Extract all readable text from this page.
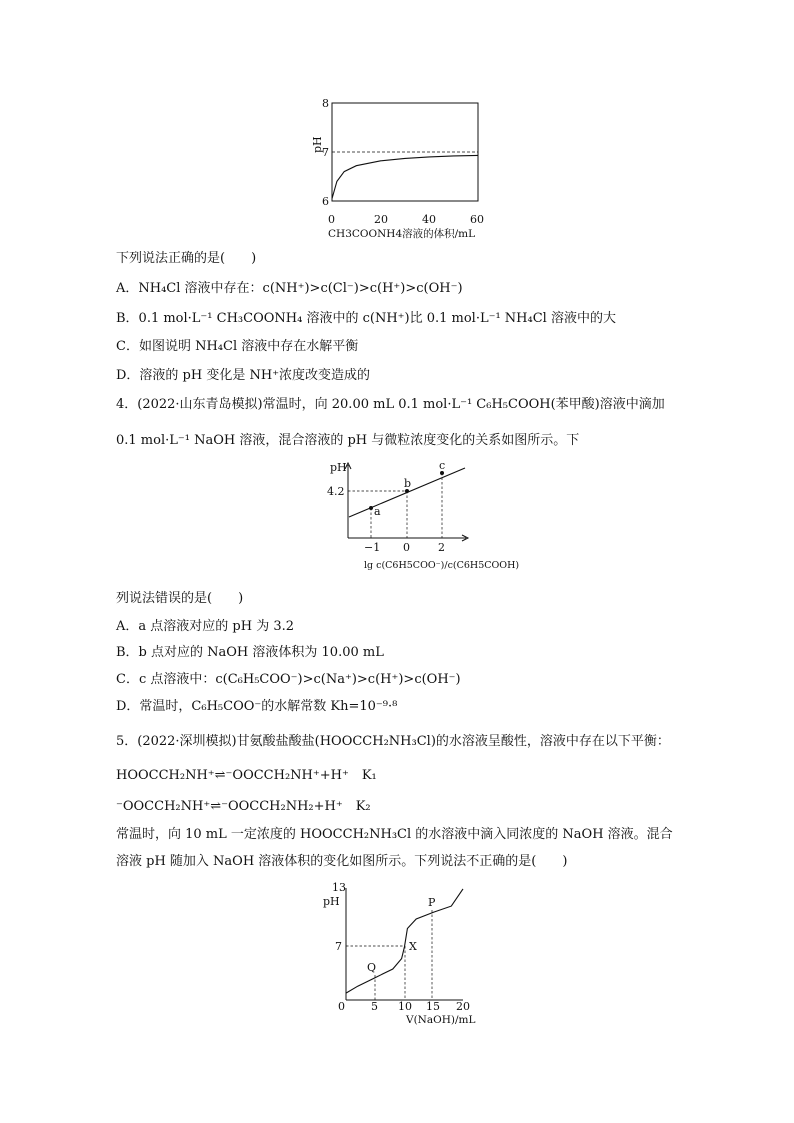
8
7
6
pH
0	20	40	60
CH3COONH4溶液的体积/mL
下列说法正确的是(　　)
A．NH₄Cl 溶液中存在：c(NH⁺)>c(Cl⁻)>c(H⁺)>c(OH⁻)
B．0.1 mol·L⁻¹ CH₃COONH₄ 溶液中的 c(NH⁺)比 0.1 mol·L⁻¹ NH₄Cl 溶液中的大
C．如图说明 NH₄Cl 溶液中存在水解平衡
D．溶液的 pH 变化是 NH⁺浓度改变造成的
4．(2022·山东青岛模拟)常温时，向 20.00 mL 0.1 mol·L⁻¹ C₆H₅COOH(苯甲酸)溶液中滴加
0.1 mol·L⁻¹ NaOH 溶液，混合溶液的 pH 与微粒浓度变化的关系如图所示。下
a
b
c
pH
4.2
−1 0	2
lg c(C6H5COO⁻)/c(C6H5COOH)
列说法错误的是(　　)
A．a 点溶液对应的 pH 为 3.2
B．b 点对应的 NaOH 溶液体积为 10.00 mL
C．c 点溶液中：c(C₆H₅COO⁻)>c(Na⁺)>c(H⁺)>c(OH⁻)
D．常温时，C₆H₅COO⁻的水解常数 Kh=10⁻⁹·⁸
5．(2022·深圳模拟)甘氨酸盐酸盐(HOOCCH₂NH₃Cl)的水溶液呈酸性，溶液中存在以下平衡：
HOOCCH₂NH⁺⇌⁻OOCCH₂NH⁺+H⁺　K₁
⁻OOCCH₂NH⁺⇌⁻OOCCH₂NH₂+H⁺　K₂
常温时，向 10 mL 一定浓度的 HOOCCH₂NH₃Cl 的水溶液中滴入同浓度的 NaOH 溶液。混合
溶液 pH 随加入 NaOH 溶液体积的变化如图所示。下列说法不正确的是(　　)
Q
X
P
13
pH
7
0 5 10 15 20
V(NaOH)/mL
